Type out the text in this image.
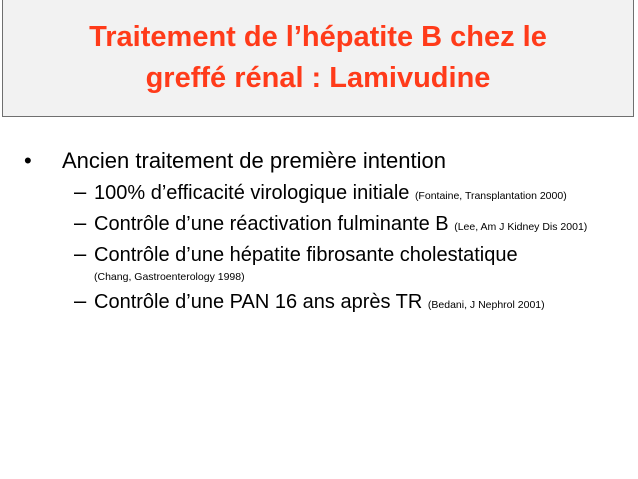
Traitement de l’hépatite B chez le
greffé rénal : Lamivudine
•	Ancien traitement de première intention
– 100% d’efficacité virologique initiale (Fontaine, Transplantation 2000)
– Contrôle d’une réactivation fulminante B (Lee, Am J Kidney Dis 2001)
– Contrôle d’une hépatite fibrosante cholestatique
(Chang, Gastroenterology 1998)
– Contrôle d’une PAN 16 ans après TR (Bedani, J Nephrol 2001)
